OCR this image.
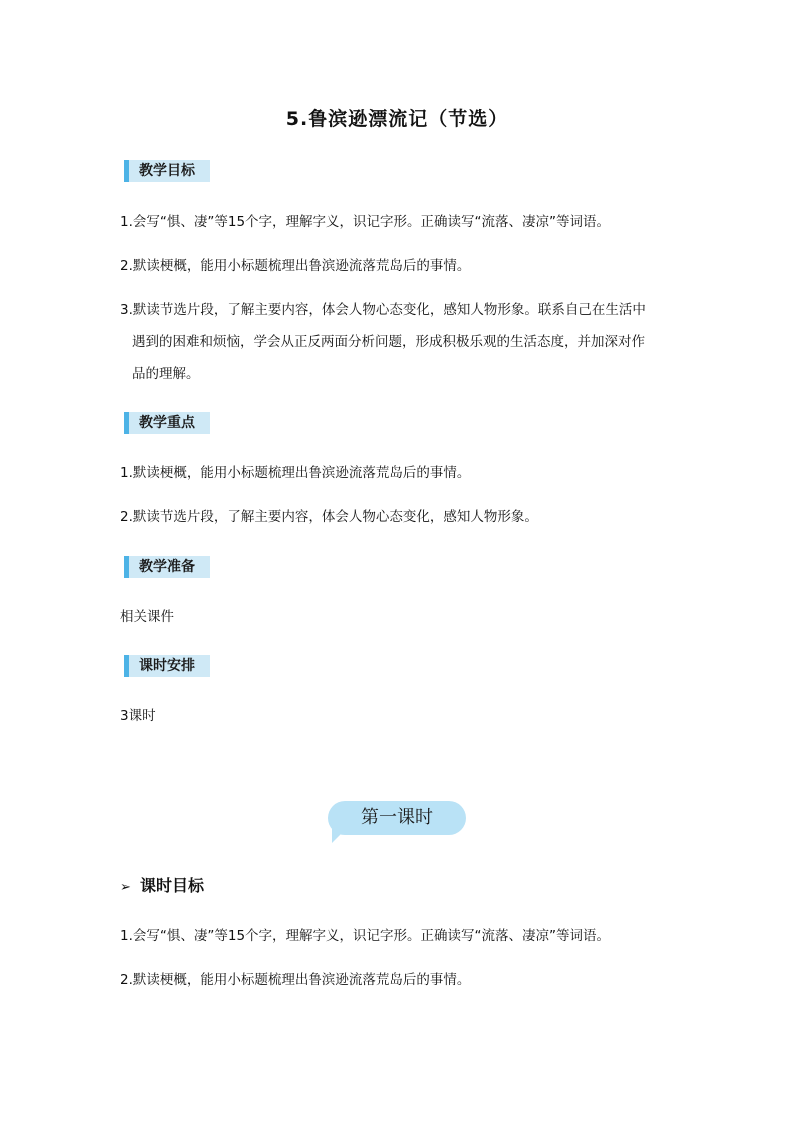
5.鲁滨逊漂流记（节选）
教学目标
1.会写“惧、凄”等15个字，理解字义，识记字形。正确读写“流落、凄凉”等词语。
2.默读梗概，能用小标题梳理出鲁滨逊流落荒岛后的事情。
3.默读节选片段，了解主要内容，体会人物心态变化，感知人物形象。联系自己在生活中
遇到的困难和烦恼，学会从正反两面分析问题，形成积极乐观的生活态度，并加深对作
品的理解。
教学重点
1.默读梗概，能用小标题梳理出鲁滨逊流落荒岛后的事情。
2.默读节选片段，了解主要内容，体会人物心态变化，感知人物形象。
教学准备
相关课件
课时安排
3课时
第一课时
➢ 课时目标
1.会写“惧、凄”等15个字，理解字义，识记字形。正确读写“流落、凄凉”等词语。
2.默读梗概，能用小标题梳理出鲁滨逊流落荒岛后的事情。
